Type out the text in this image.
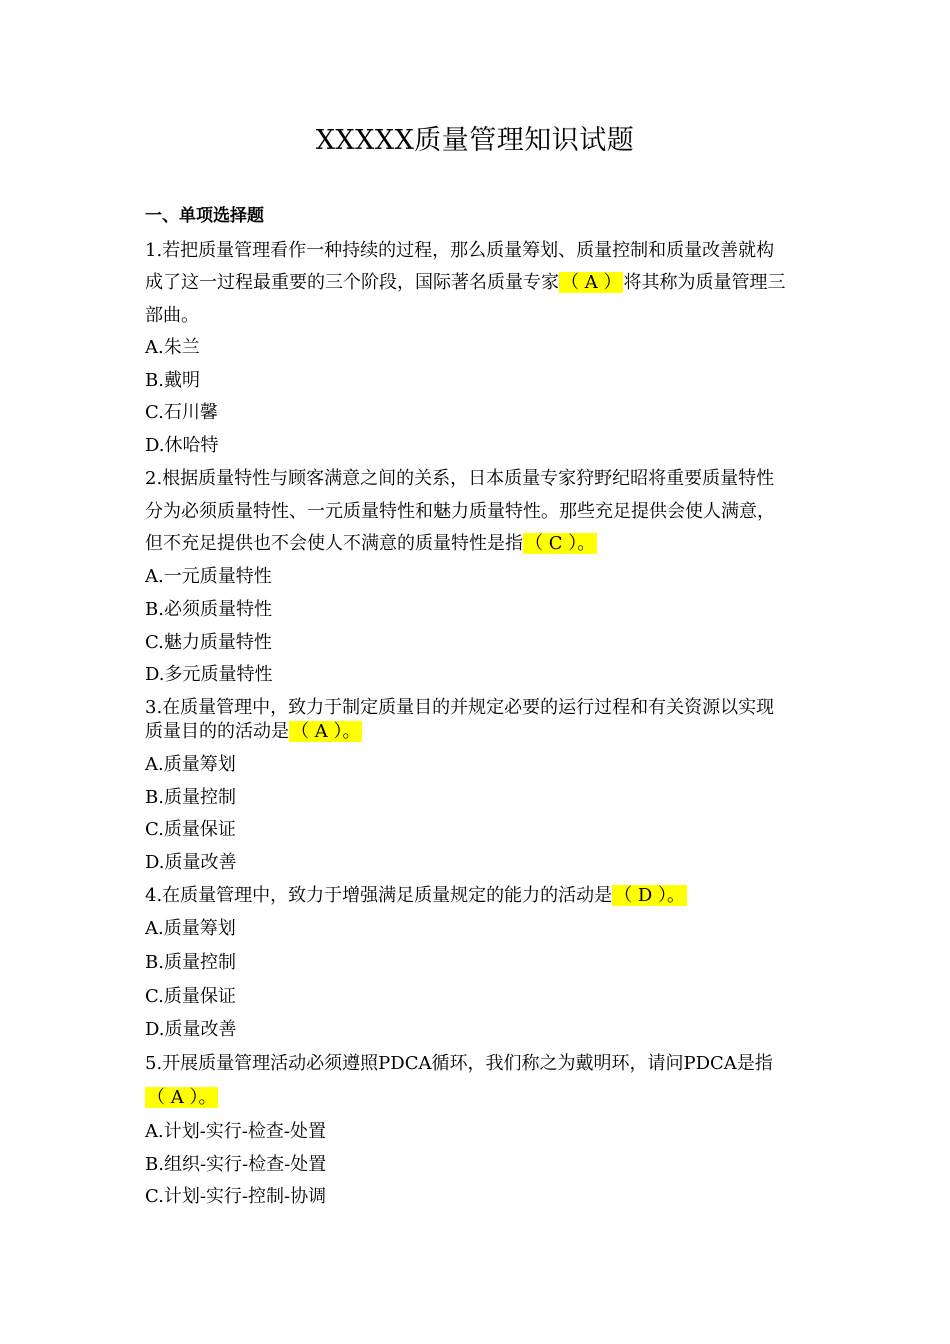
XXXXX质量管理知识试题
一、单项选择题
1.若把质量管理看作一种持续的过程，那么质量筹划、质量控制和质量改善就构
成了这一过程最重要的三个阶段，国际著名质量专家 （ A ） 将其称为质量管理三
部曲。
A.朱兰
B.戴明
C.石川馨
D.休哈特
2.根据质量特性与顾客满意之间的关系，日本质量专家狩野纪昭将重要质量特性
分为必须质量特性、一元质量特性和魅力质量特性。那些充足提供会使人满意，
但不充足提供也不会使人不满意的质量特性是指 （ C ）。
A.一元质量特性
B.必须质量特性
C.魅力质量特性
D.多元质量特性
3.在质量管理中，致力于制定质量目的并规定必要的运行过程和有关资源以实现
质量目的的活动是 （ A ）。
A.质量筹划
B.质量控制
C.质量保证
D.质量改善
4.在质量管理中，致力于增强满足质量规定的能力的活动是 （ D ）。
A.质量筹划
B.质量控制
C.质量保证
D.质量改善
5.开展质量管理活动必须遵照PDCA循环，我们称之为戴明环，请问PDCA是指
（ A ）。
A.计划-实行-检查-处置
B.组织-实行-检查-处置
C.计划-实行-控制-协调
